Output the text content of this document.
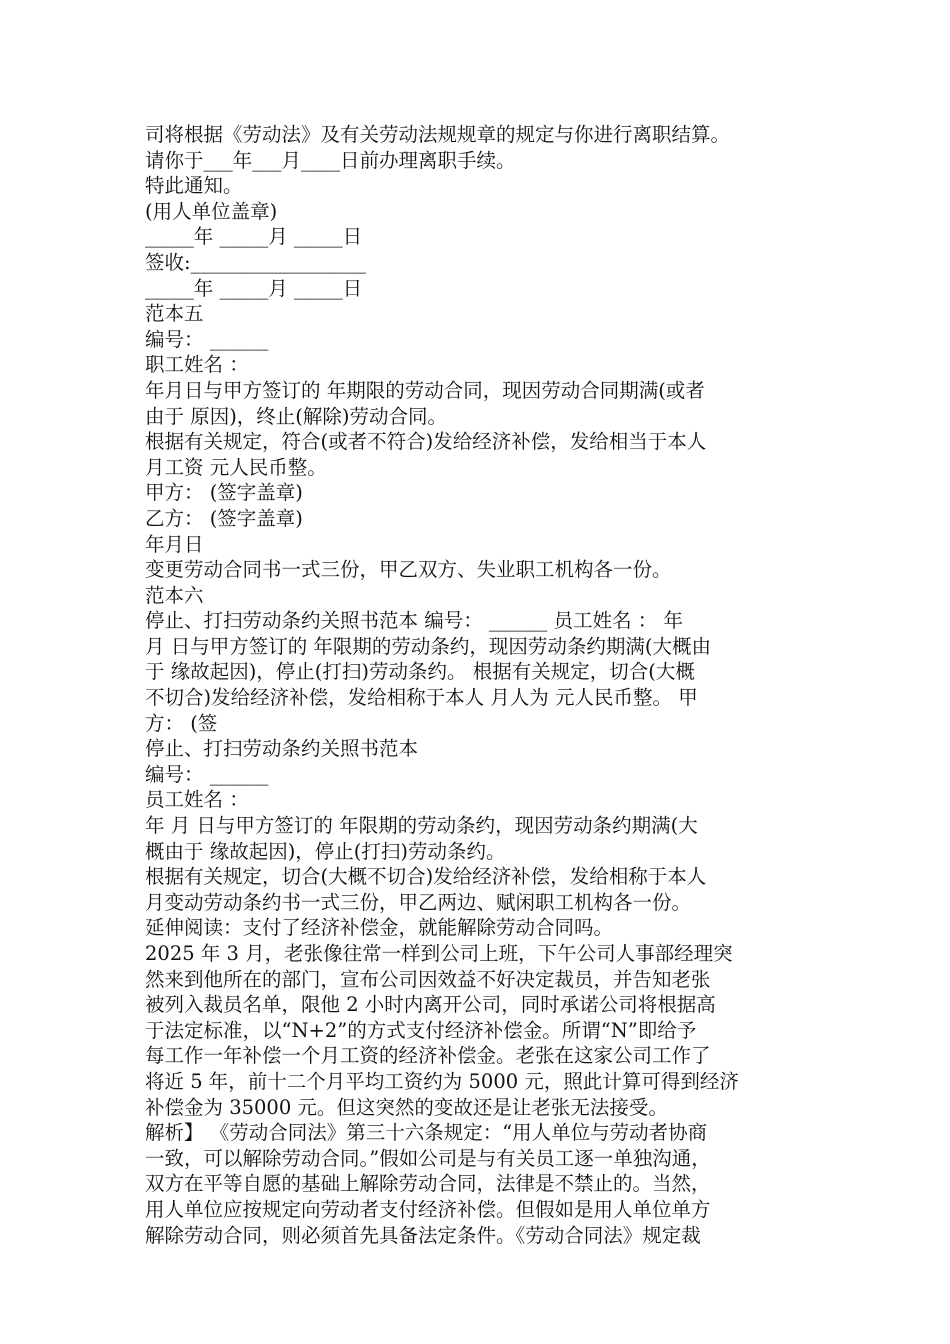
司将根据《劳动法》及有关劳动法规规章的规定与你进行离职结算。
请你于___年___月____日前办理离职手续。
特此通知。
(用人单位盖章)
_____年 _____月 _____日
签收:__________________
_____年 _____月 _____日
范本五
编号： ______
职工姓名 ：
年月日与甲方签订的 年期限的劳动合同，现因劳动合同期满(或者
由于 原因)，终止(解除)劳动合同。
根据有关规定，符合(或者不符合)发给经济补偿，发给相当于本人
月工资 元人民币整。
甲方： (签字盖章)
乙方： (签字盖章)
年月日
变更劳动合同书一式三份，甲乙双方、失业职工机构各一份。
范本六
停止、打扫劳动条约关照书范本 编号： ______ 员工姓名 ： 年
月 日与甲方签订的 年限期的劳动条约，现因劳动条约期满(大概由
于 缘故起因)，停止(打扫)劳动条约。 根据有关规定，切合(大概
不切合)发给经济补偿，发给相称于本人 月人为 元人民币整。 甲
方： (签
停止、打扫劳动条约关照书范本
编号： ______
员工姓名 ：
年 月 日与甲方签订的 年限期的劳动条约，现因劳动条约期满(大
概由于 缘故起因)，停止(打扫)劳动条约。
根据有关规定，切合(大概不切合)发给经济补偿，发给相称于本人
月变动劳动条约书一式三份，甲乙两边、赋闲职工机构各一份。
延伸阅读：支付了经济补偿金，就能解除劳动合同吗。
2025 年 3 月，老张像往常一样到公司上班，下午公司人事部经理突
然来到他所在的部门，宣布公司因效益不好决定裁员，并告知老张
被列入裁员名单，限他 2 小时内离开公司，同时承诺公司将根据高
于法定标准，以“N+2”的方式支付经济补偿金。所谓“N”即给予
每工作一年补偿一个月工资的经济补偿金。老张在这家公司工作了
将近 5 年，前十二个月平均工资约为 5000 元，照此计算可得到经济
补偿金为 35000 元。但这突然的变故还是让老张无法接受。
解析】 《劳动合同法》第三十六条规定：“用人单位与劳动者协商
一致，可以解除劳动合同。”假如公司是与有关员工逐一单独沟通，
双方在平等自愿的基础上解除劳动合同，法律是不禁止的。当然，
用人单位应按规定向劳动者支付经济补偿。但假如是用人单位单方
解除劳动合同，则必须首先具备法定条件。《劳动合同法》规定裁
